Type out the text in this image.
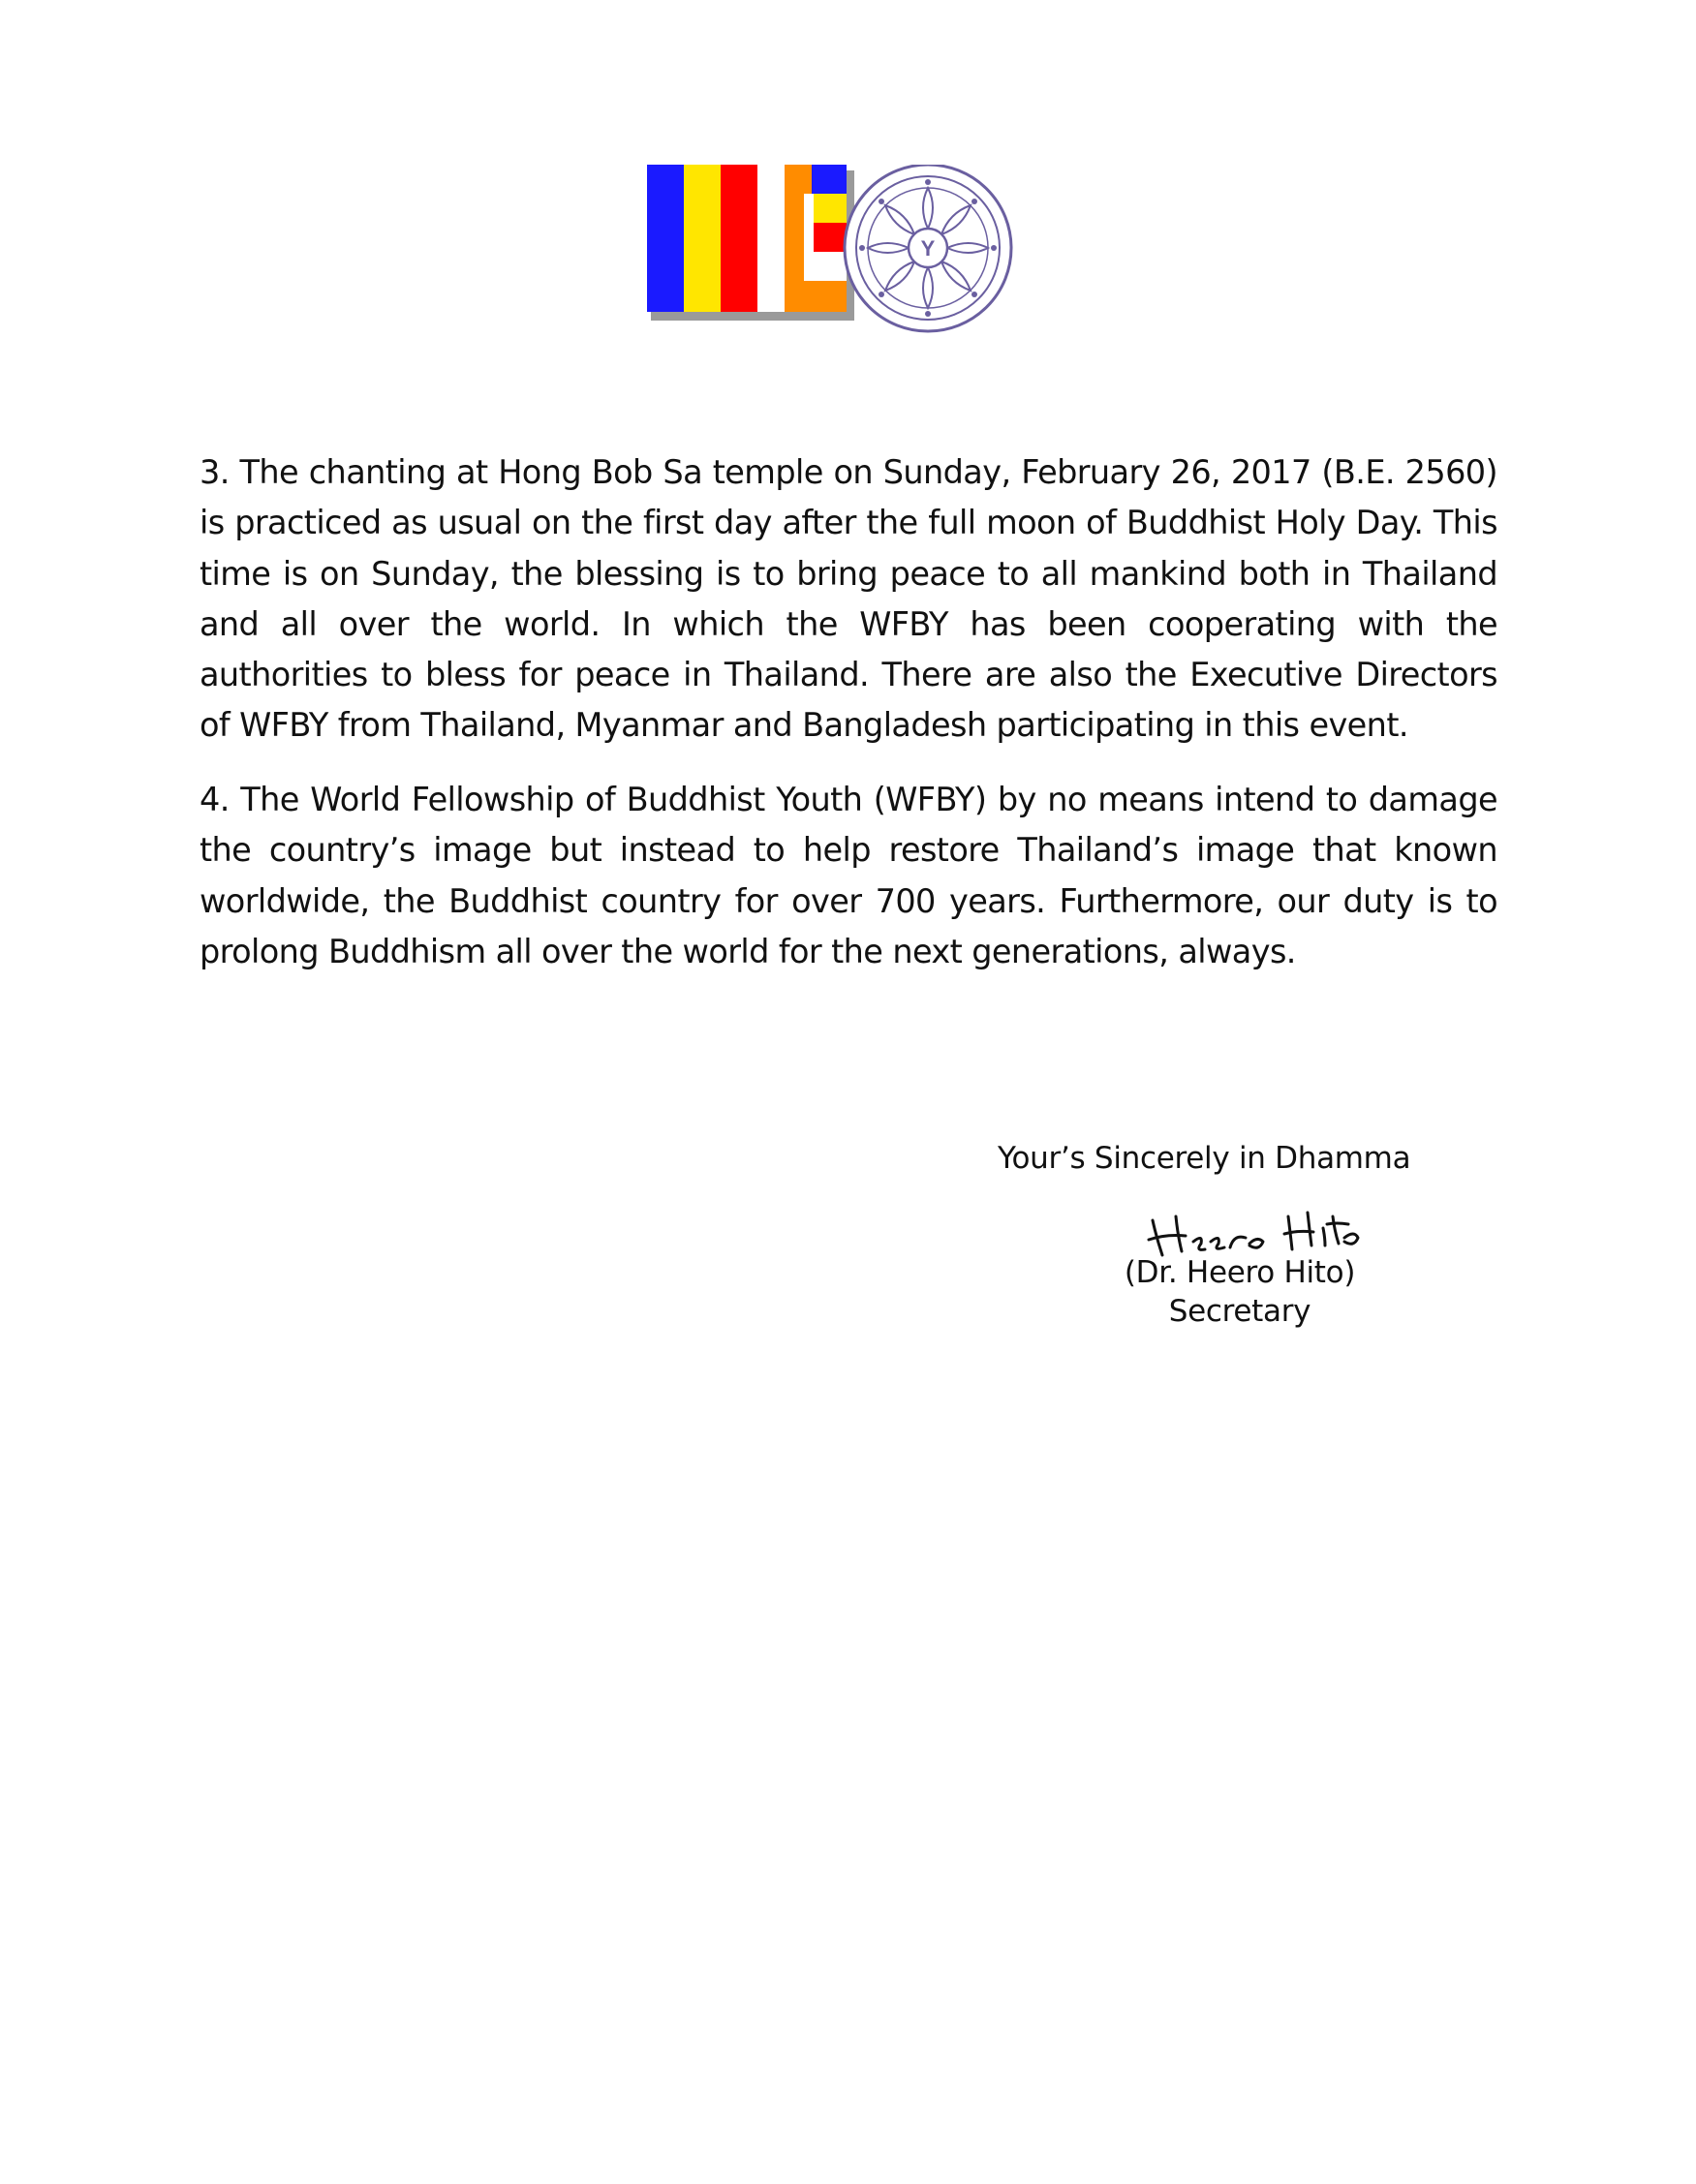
Y

3. The chanting at Hong Bob Sa temple on Sunday, February 26, 2017 (B.E. 2560) is practiced as usual on the first day after the full moon of Buddhist Holy Day. This time is on Sunday, the blessing is to bring peace to all mankind both in Thailand and all over the world. In which the WFBY has been cooperating with the authorities to bless for peace in Thailand. There are also the Executive Directors of WFBY from Thailand, Myanmar and Bangladesh participating in this event.

4. The World Fellowship of Buddhist Youth (WFBY) by no means intend to damage the country’s image but instead to help restore Thailand’s image that known worldwide, the Buddhist country for over 700 years. Furthermore, our duty is to prolong Buddhism all over the world for the next generations, always.

Your’s Sincerely in Dhamma
(Dr. Heero Hito)
Secretary
